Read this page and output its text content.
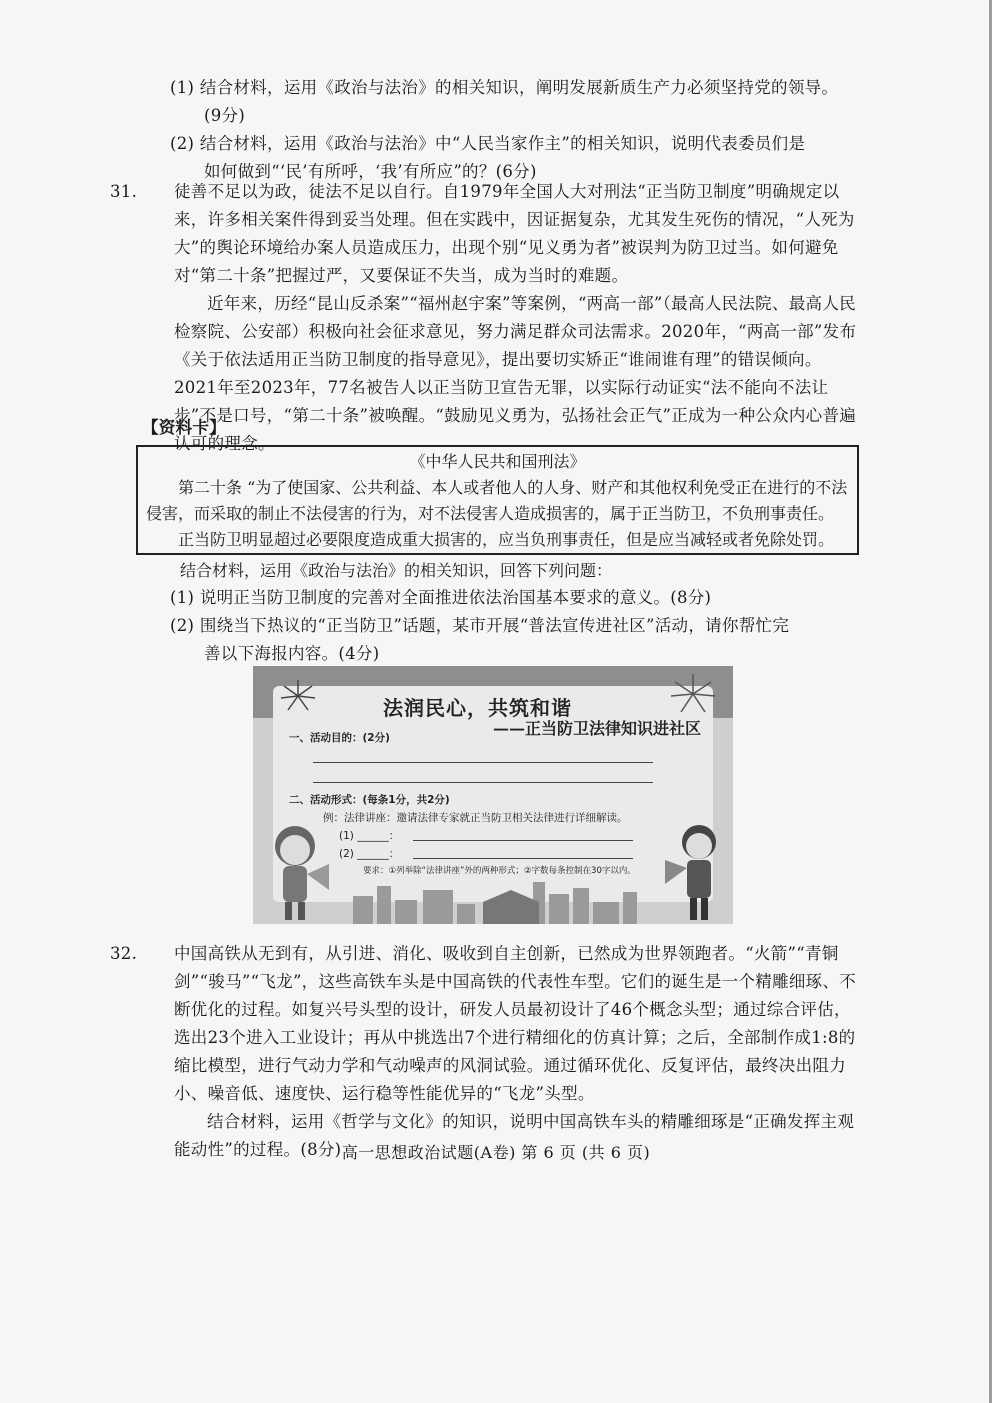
(1) 结合材料，运用《政治与法治》的相关知识，阐明发展新质生产力必须坚持党的领导。
(9分)
(2) 结合材料，运用《政治与法治》中“人民当家作主”的相关知识，说明代表委员们是
如何做到“‘民’有所呼，‘我’有所应”的？(6分)
31. 徒善不足以为政，徒法不足以自行。自1979年全国人大对刑法“正当防卫制度”明确规定以来，许多相关案件得到妥当处理。但在实践中，因证据复杂，尤其发生死伤的情况，“人死为大”的舆论环境给办案人员造成压力，出现个别“见义勇为者”被误判为防卫过当。如何避免对“第二十条”把握过严，又要保证不失当，成为当时的难题。
近年来，历经“昆山反杀案”“福州赵宇案”等案例，“两高一部”（最高人民法院、最高人民检察院、公安部）积极向社会征求意见，努力满足群众司法需求。2020年，“两高一部”发布《关于依法适用正当防卫制度的指导意见》，提出要切实矫正“谁闹谁有理”的错误倾向。2021年至2023年，77名被告人以正当防卫宣告无罪，以实际行动证实“法不能向不法让步”不是口号，“第二十条”被唤醒。“鼓励见义勇为，弘扬社会正气”正成为一种公众内心普遍认可的理念。
【资料卡】
《中华人民共和国刑法》

第二十条 “为了使国家、公共利益、本人或者他人的人身、财产和其他权利免受正在进行的不法侵害，而采取的制止不法侵害的行为，对不法侵害人造成损害的，属于正当防卫，不负刑事责任。

正当防卫明显超过必要限度造成重大损害的，应当负刑事责任，但是应当减轻或者免除处罚。

结合材料，运用《政治与法治》的相关知识，回答下列问题：
(1) 说明正当防卫制度的完善对全面推进依法治国基本要求的意义。(8分)
(2) 围绕当下热议的“正当防卫”话题，某市开展“普法宣传进社区”活动，请你帮忙完
善以下海报内容。(4分)
法润民心，共筑和谐
——正当防卫法律知识进社区
一、活动目的：(2分)
二、活动形式：(每条1分，共2分)
例：法律讲座：邀请法律专家就正当防卫相关法律进行详细解读。
(1) ______：
(2) ______：
要求：①列举除“法律讲座”外的两种形式；②字数每条控制在30字以内。
32. 中国高铁从无到有，从引进、消化、吸收到自主创新，已然成为世界领跑者。“火箭”“青铜剑”“骏马”“飞龙”，这些高铁车头是中国高铁的代表性车型。它们的诞生是一个精雕细琢、不断优化的过程。如复兴号头型的设计，研发人员最初设计了46个概念头型；通过综合评估，选出23个进入工业设计；再从中挑选出7个进行精细化的仿真计算；之后，全部制作成1:8的缩比模型，进行气动力学和气动噪声的风洞试验。通过循环优化、反复评估，最终决出阻力小、噪音低、速度快、运行稳等性能优异的“飞龙”头型。
结合材料，运用《哲学与文化》的知识，说明中国高铁车头的精雕细琢是“正确发挥主观能动性”的过程。(8分) 高一思想政治试题(A卷) 第 6 页 (共 6 页)
